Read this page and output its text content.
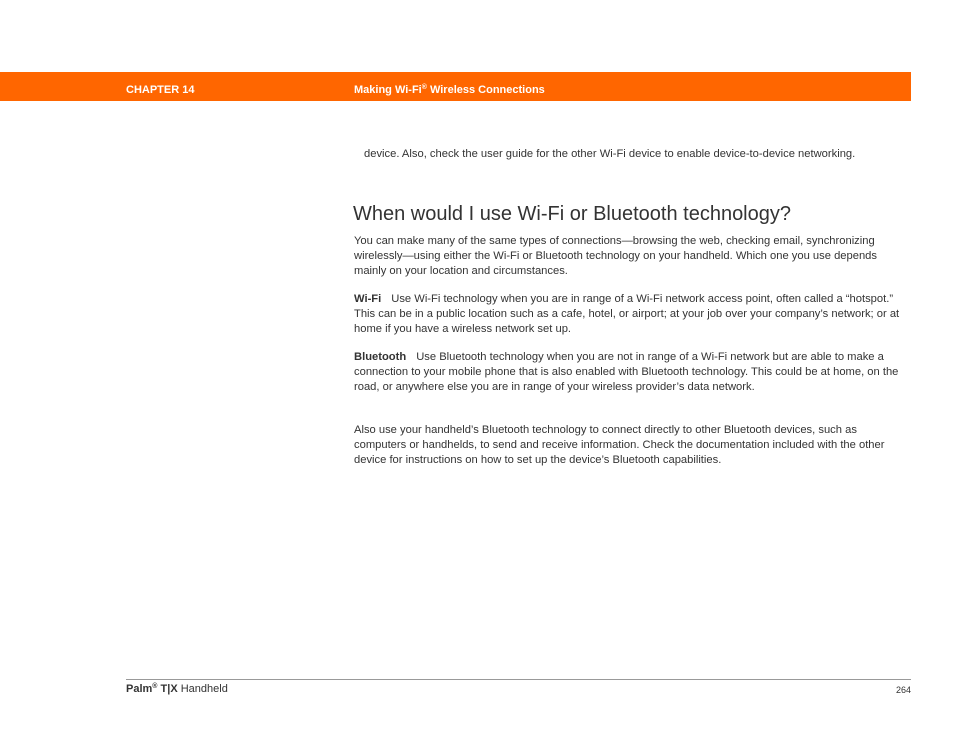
CHAPTER 14	Making Wi-Fi® Wireless Connections

device. Also, check the user guide for the other Wi-Fi device to enable device-to-device networking.

When would I use Wi-Fi or Bluetooth technology?

You can make many of the same types of connections—browsing the web, checking email, synchronizing wirelessly—using either the Wi-Fi or Bluetooth technology on your handheld. Which one you use depends mainly on your location and circumstances.

Wi-Fi Use Wi-Fi technology when you are in range of a Wi-Fi network access point, often called a “hotspot.” This can be in a public location such as a cafe, hotel, or airport; at your job over your company’s network; or at home if you have a wireless network set up.

Bluetooth Use Bluetooth technology when you are not in range of a Wi-Fi network but are able to make a connection to your mobile phone that is also enabled with Bluetooth technology. This could be at home, on the road, or anywhere else you are in range of your wireless provider’s data network.

Also use your handheld’s Bluetooth technology to connect directly to other Bluetooth devices, such as computers or handhelds, to send and receive information. Check the documentation included with the other device for instructions on how to set up the device’s Bluetooth capabilities.

Palm® T|X Handheld	264
